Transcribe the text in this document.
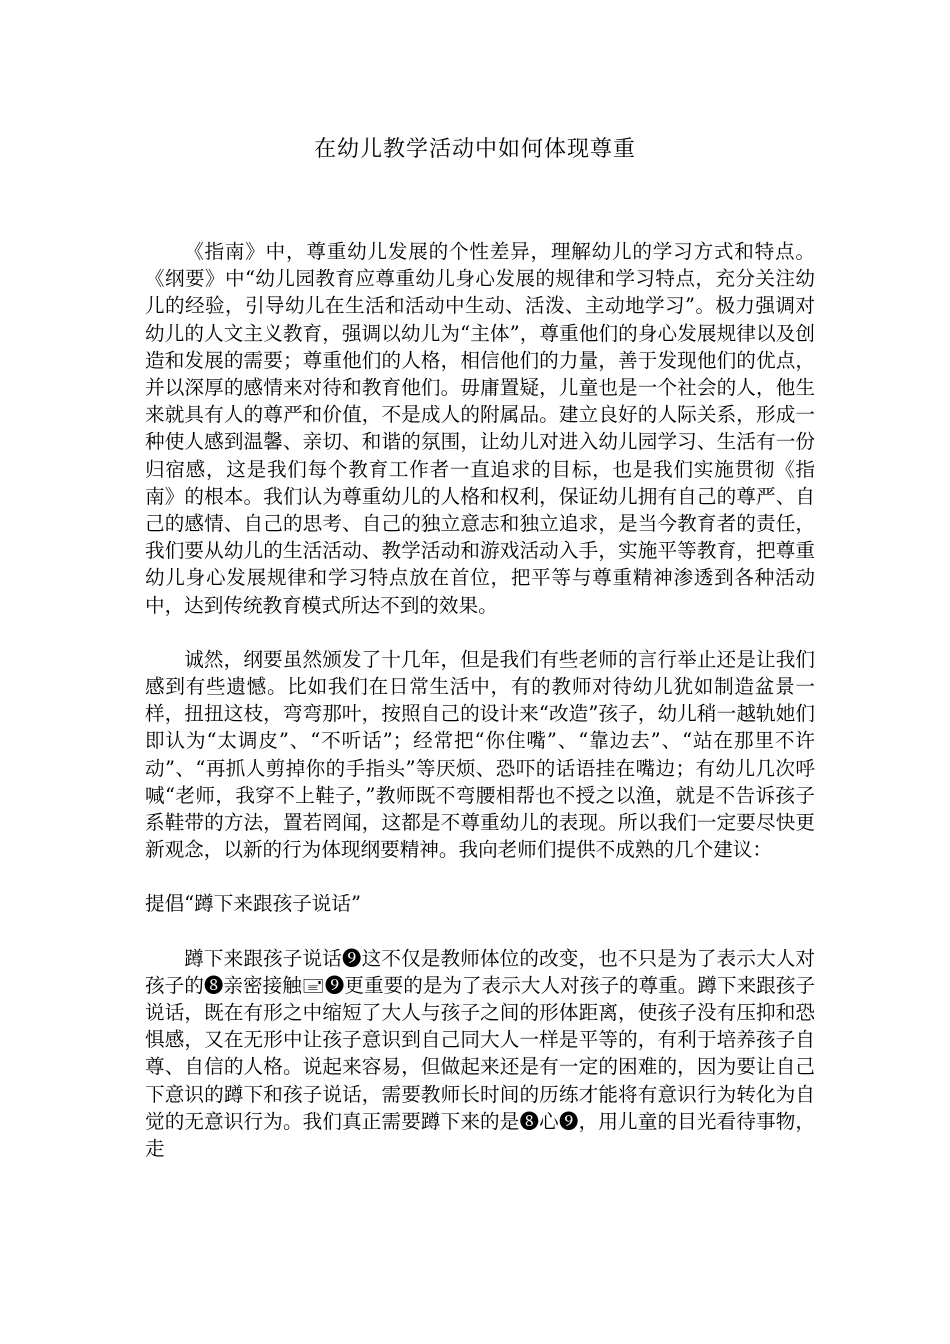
在幼儿教学活动中如何体现尊重

《指南》中，尊重幼儿发展的个性差异，理解幼儿的学习方式和特点。《纲要》中“幼儿园教育应尊重幼儿身心发展的规律和学习特点，充分关注幼儿的经验，引导幼儿在生活和活动中生动、活泼、主动地学习”。极力强调对幼儿的人文主义教育，强调以幼儿为“主体”，尊重他们的身心发展规律以及创造和发展的需要；尊重他们的人格，相信他们的力量，善于发现他们的优点，并以深厚的感情来对待和教育他们。毋庸置疑，儿童也是一个社会的人，他生来就具有人的尊严和价值，不是成人的附属品。建立良好的人际关系，形成一种使人感到温馨、亲切、和谐的氛围，让幼儿对进入幼儿园学习、生活有一份归宿感，这是我们每个教育工作者一直追求的目标，也是我们实施贯彻《指南》的根本。我们认为尊重幼儿的人格和权利，保证幼儿拥有自己的尊严、自己的感情、自己的思考、自己的独立意志和独立追求，是当今教育者的责任，我们要从幼儿的生活活动、教学活动和游戏活动入手，实施平等教育，把尊重幼儿身心发展规律和学习特点放在首位，把平等与尊重精神渗透到各种活动中，达到传统教育模式所达不到的效果。

诚然，纲要虽然颁发了十几年，但是我们有些老师的言行举止还是让我们感到有些遗憾。比如我们在日常生活中，有的教师对待幼儿犹如制造盆景一样，扭扭这枝，弯弯那叶，按照自己的设计来“改造”孩子，幼儿稍一越轨她们即认为“太调皮”、“不听话”；经常把“你住嘴”、“靠边去”、“站在那里不许动”、“再抓人剪掉你的手指头”等厌烦、恐吓的话语挂在嘴边；有幼儿几次呼喊“老师，我穿不上鞋子，”教师既不弯腰相帮也不授之以渔，就是不告诉孩子系鞋带的方法，置若罔闻，这都是不尊重幼儿的表现。所以我们一定要尽快更新观念，以新的行为体现纲要精神。我向老师们提供不成熟的几个建议：

提倡“蹲下来跟孩子说话”

蹲下来跟孩子说话❾这不仅是教师体位的改变，也不只是为了表示大人对孩子的❽亲密接触🖃❾更重要的是为了表示大人对孩子的尊重。蹲下来跟孩子说话，既在有形之中缩短了大人与孩子之间的形体距离，使孩子没有压抑和恐惧感，又在无形中让孩子意识到自己同大人一样是平等的，有利于培养孩子自尊、自信的人格。说起来容易，但做起来还是有一定的困难的，因为要让自己下意识的蹲下和孩子说话，需要教师长时间的历练才能将有意识行为转化为自觉的无意识行为。我们真正需要蹲下来的是❽心❾，用儿童的目光看待事物，走
